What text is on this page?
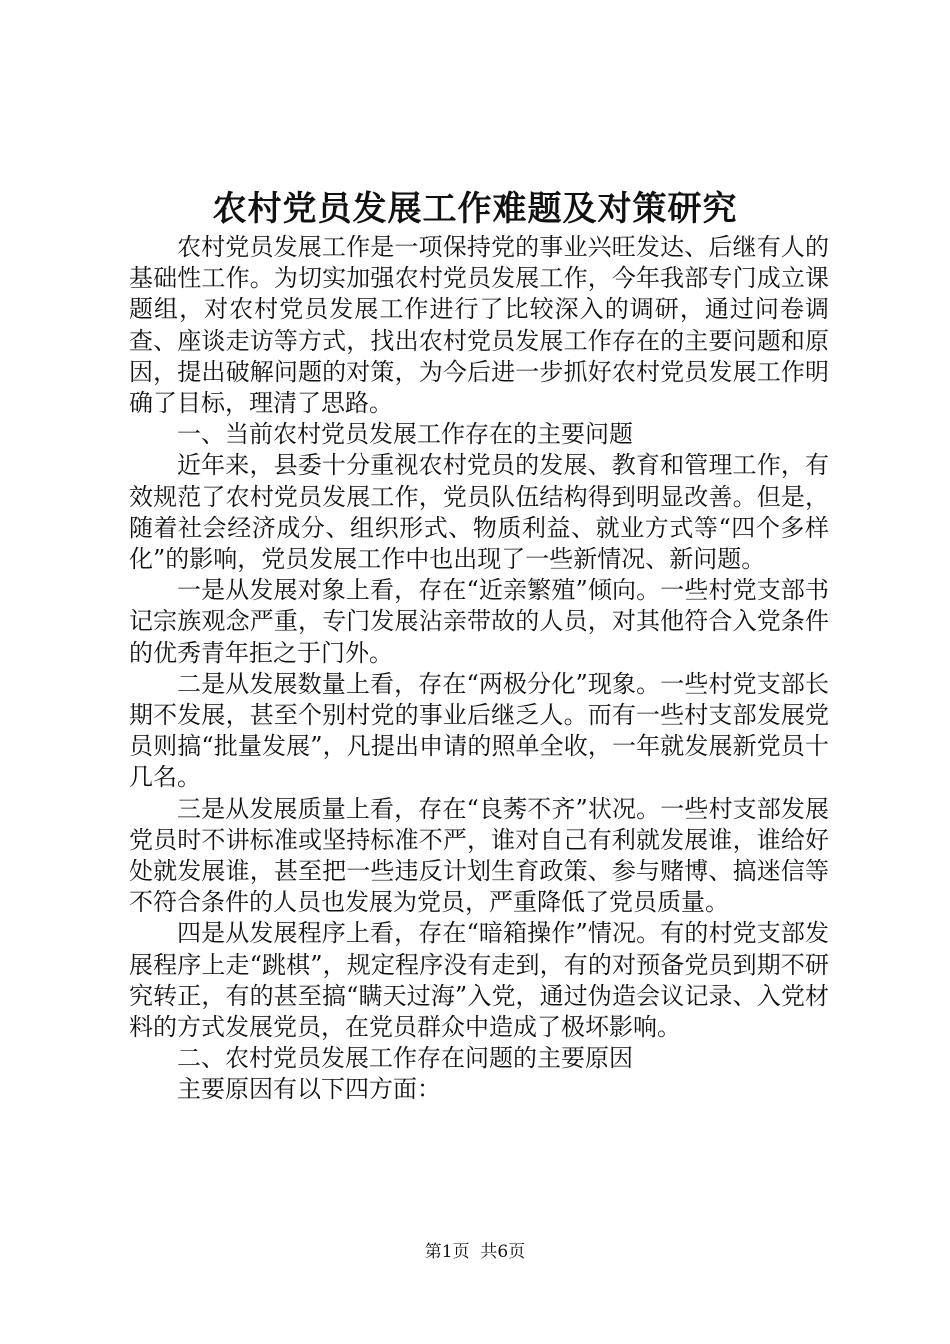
农村党员发展工作难题及对策研究

农村党员发展工作是一项保持党的事业兴旺发达、后继有人的基础性工作。为切实加强农村党员发展工作，今年我部专门成立课题组，对农村党员发展工作进行了比较深入的调研，通过问卷调查、座谈走访等方式，找出农村党员发展工作存在的主要问题和原因，提出破解问题的对策，为今后进一步抓好农村党员发展工作明确了目标，理清了思路。

一、当前农村党员发展工作存在的主要问题

近年来，县委十分重视农村党员的发展、教育和管理工作，有效规范了农村党员发展工作，党员队伍结构得到明显改善。但是，随着社会经济成分、组织形式、物质利益、就业方式等“四个多样化”的影响，党员发展工作中也出现了一些新情况、新问题。

一是从发展对象上看，存在“近亲繁殖”倾向。一些村党支部书记宗族观念严重，专门发展沾亲带故的人员，对其他符合入党条件的优秀青年拒之于门外。

二是从发展数量上看，存在“两极分化”现象。一些村党支部长期不发展，甚至个别村党的事业后继乏人。而有一些村支部发展党员则搞“批量发展”，凡提出申请的照单全收，一年就发展新党员十几名。

三是从发展质量上看，存在“良莠不齐”状况。一些村支部发展党员时不讲标准或坚持标准不严，谁对自己有利就发展谁，谁给好处就发展谁，甚至把一些违反计划生育政策、参与赌博、搞迷信等不符合条件的人员也发展为党员，严重降低了党员质量。

四是从发展程序上看，存在“暗箱操作”情况。有的村党支部发展程序上走“跳棋”，规定程序没有走到，有的对预备党员到期不研究转正，有的甚至搞“瞒天过海”入党，通过伪造会议记录、入党材料的方式发展党员，在党员群众中造成了极坏影响。

二、农村党员发展工作存在问题的主要原因

主要原因有以下四方面：

第1页  共6页
